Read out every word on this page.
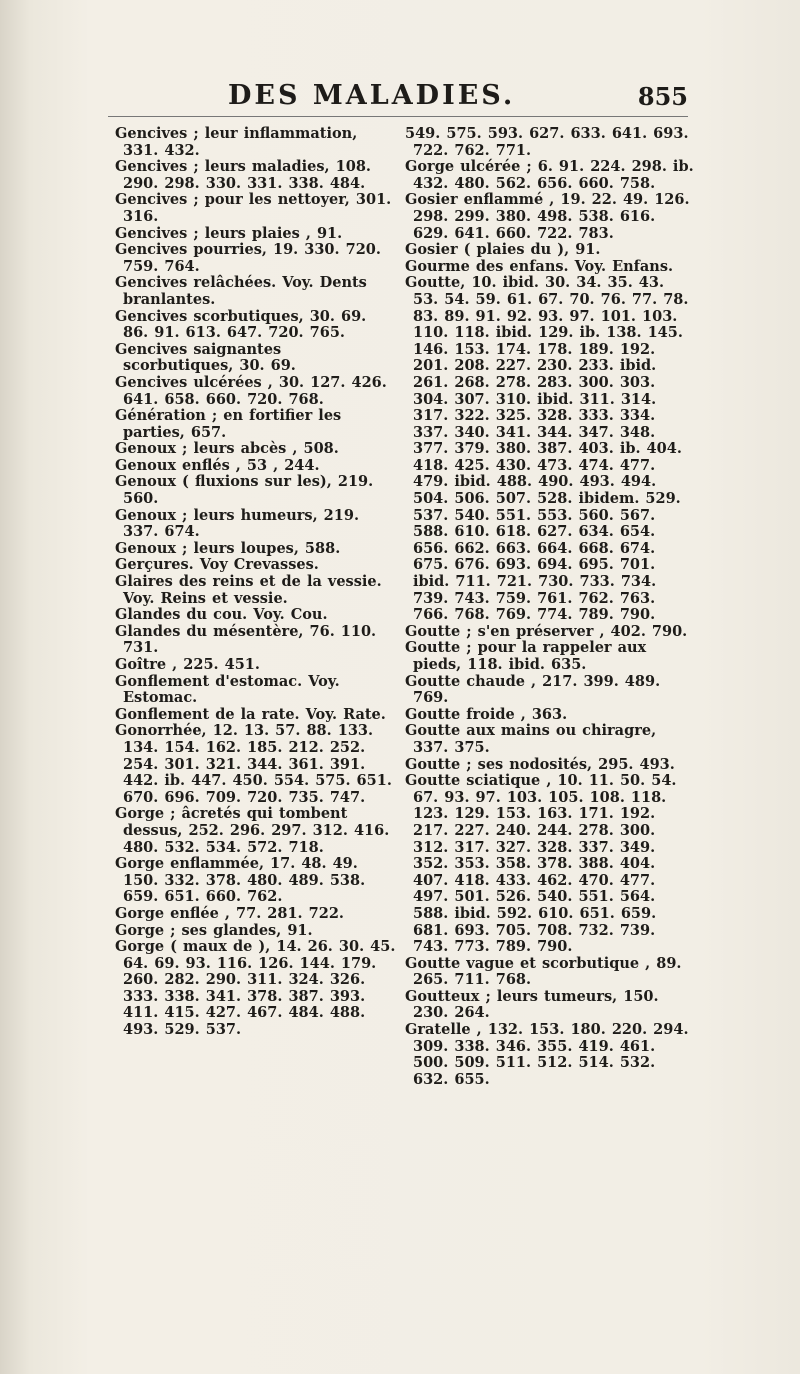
DES MALADIES.	855

Gencives ; leur inflammation, 331. 432.

Gencives ; leurs maladies, 108. 290. 298. 330. 331. 338. 484.

Gencives ; pour les nettoyer, 301. 316.

Gencives ; leurs plaies , 91.

Gencives pourries, 19. 330. 720. 759. 764.

Gencives relâchées. Voy. Dents branlantes.

Gencives scorbutiques, 30. 69. 86. 91. 613. 647. 720. 765.

Gencives saignantes scorbutiques, 30. 69.

Gencives ulcérées , 30. 127. 426. 641. 658. 660. 720. 768.

Génération ; en fortifier les parties, 657.

Genoux ; leurs abcès , 508.

Genoux enflés , 53 , 244.

Genoux ( fluxions sur les), 219. 560.

Genoux ; leurs humeurs, 219. 337. 674.

Genoux ; leurs loupes, 588.

Gerçures. Voy Crevasses.

Glaires des reins et de la vessie. Voy. Reins et vessie.

Glandes du cou. Voy. Cou.

Glandes du mésentère, 76. 110. 731.

Goître , 225. 451.

Gonflement d'estomac. Voy. Estomac.

Gonflement de la rate. Voy. Rate.

Gonorrhée, 12. 13. 57. 88. 133. 134. 154. 162. 185. 212. 252. 254. 301. 321. 344. 361. 391. 442. ib. 447. 450. 554. 575. 651. 670. 696. 709. 720. 735. 747.

Gorge ; âcretés qui tombent dessus, 252. 296. 297. 312. 416. 480. 532. 534. 572. 718.

Gorge enflammée, 17. 48. 49. 150. 332. 378. 480. 489. 538. 659. 651. 660. 762.

Gorge enflée , 77. 281. 722.

Gorge ; ses glandes, 91.

Gorge ( maux de ), 14. 26. 30. 45. 64. 69. 93. 116. 126. 144. 179. 260. 282. 290. 311. 324. 326. 333. 338. 341. 378. 387. 393. 411. 415. 427. 467. 484. 488. 493. 529. 537.

549. 575. 593. 627. 633. 641. 693. 722. 762. 771.

Gorge ulcérée ; 6. 91. 224. 298. ib. 432. 480. 562. 656. 660. 758.

Gosier enflammé , 19. 22. 49. 126. 298. 299. 380. 498. 538. 616. 629. 641. 660. 722. 783.

Gosier ( plaies du ), 91.

Gourme des enfans. Voy. Enfans.

Goutte, 10. ibid. 30. 34. 35. 43. 53. 54. 59. 61. 67. 70. 76. 77. 78. 83. 89. 91. 92. 93. 97. 101. 103. 110. 118. ibid. 129. ib. 138. 145. 146. 153. 174. 178. 189. 192. 201. 208. 227. 230. 233. ibid. 261. 268. 278. 283. 300. 303. 304. 307. 310. ibid. 311. 314. 317. 322. 325. 328. 333. 334. 337. 340. 341. 344. 347. 348. 377. 379. 380. 387. 403. ib. 404. 418. 425. 430. 473. 474. 477. 479. ibid. 488. 490. 493. 494. 504. 506. 507. 528. ibidem. 529. 537. 540. 551. 553. 560. 567. 588. 610. 618. 627. 634. 654. 656. 662. 663. 664. 668. 674. 675. 676. 693. 694. 695. 701. ibid. 711. 721. 730. 733. 734. 739. 743. 759. 761. 762. 763. 766. 768. 769. 774. 789. 790.

Goutte ; s'en préserver , 402. 790.

Goutte ; pour la rappeler aux pieds, 118. ibid. 635.

Goutte chaude , 217. 399. 489. 769.

Goutte froide , 363.

Goutte aux mains ou chiragre, 337. 375.

Goutte ; ses nodosités, 295. 493.

Goutte sciatique , 10. 11. 50. 54. 67. 93. 97. 103. 105. 108. 118. 123. 129. 153. 163. 171. 192. 217. 227. 240. 244. 278. 300. 312. 317. 327. 328. 337. 349. 352. 353. 358. 378. 388. 404. 407. 418. 433. 462. 470. 477. 497. 501. 526. 540. 551. 564. 588. ibid. 592. 610. 651. 659. 681. 693. 705. 708. 732. 739. 743. 773. 789. 790.

Goutte vague et scorbutique , 89. 265. 711. 768.

Goutteux ; leurs tumeurs, 150. 230. 264.

Gratelle , 132. 153. 180. 220. 294. 309. 338. 346. 355. 419. 461. 500. 509. 511. 512. 514. 532. 632. 655.
